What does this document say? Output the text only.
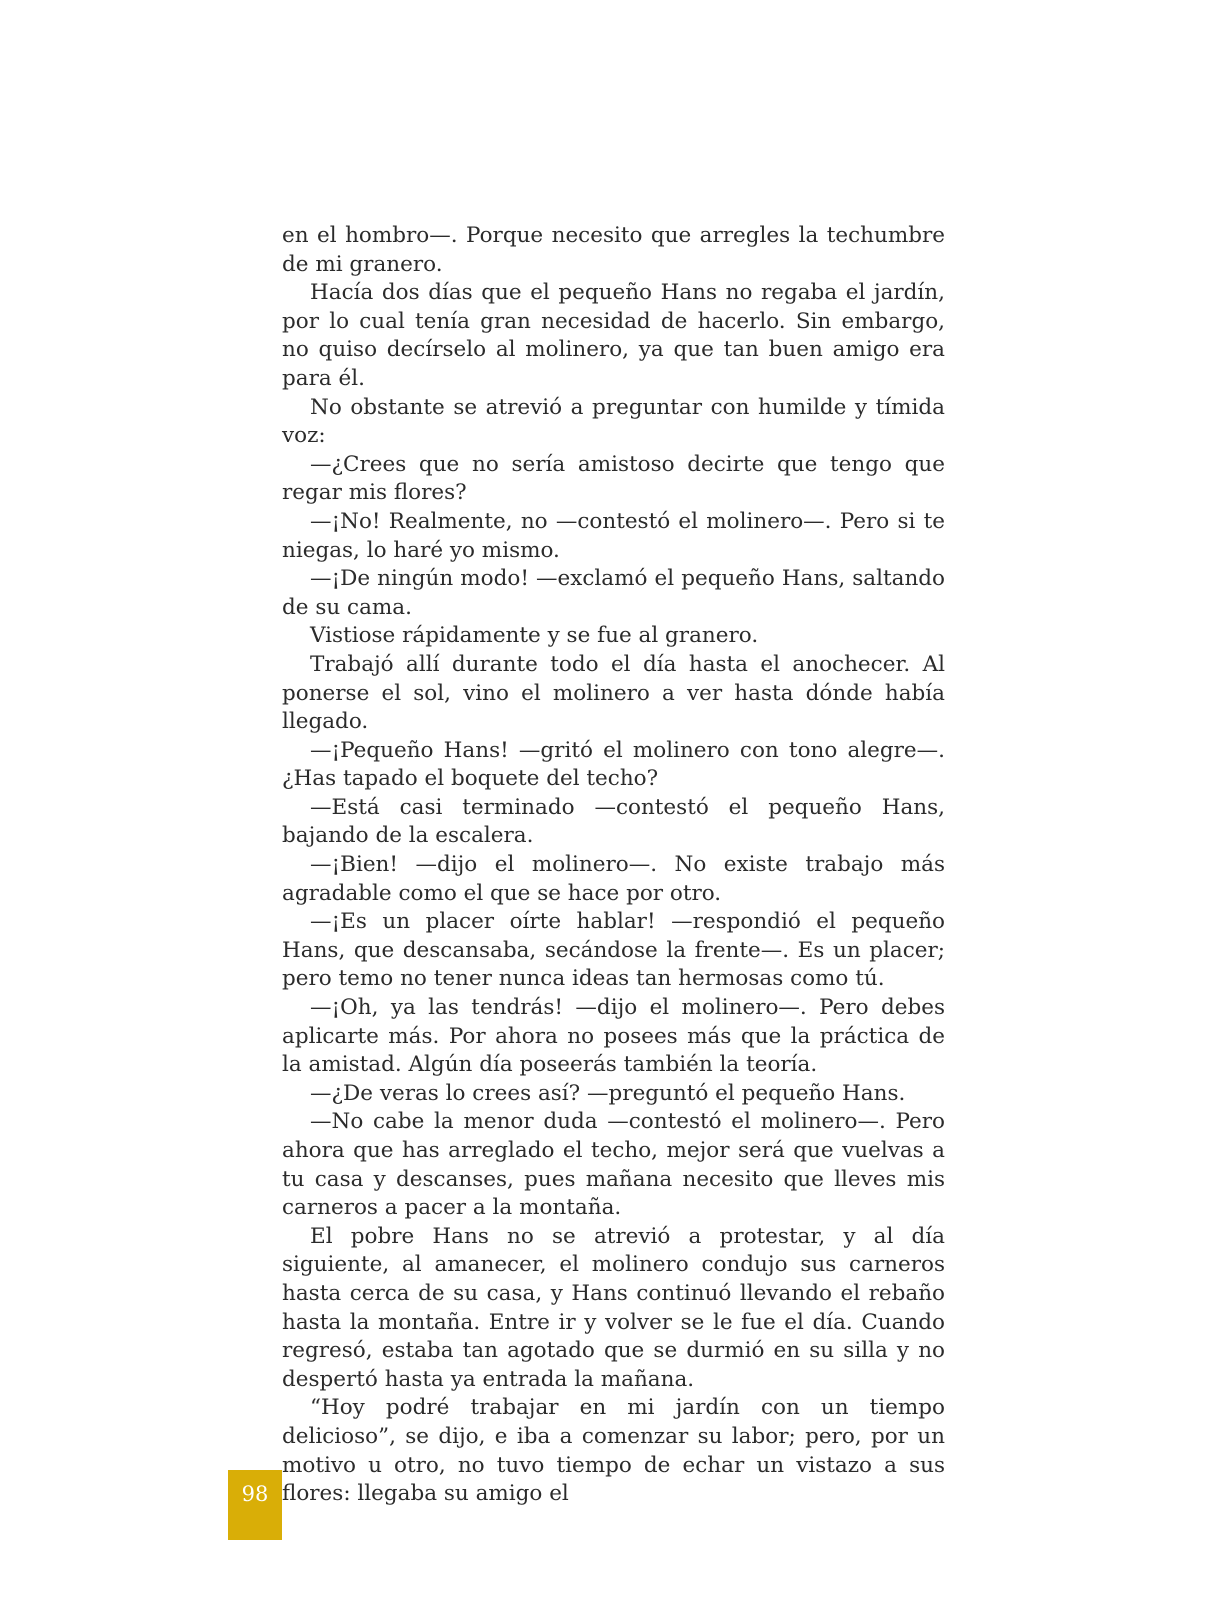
en el hombro—. Porque necesito que arregles la techumbre de mi granero.

Hacía dos días que el pequeño Hans no regaba el jardín, por lo cual tenía gran necesidad de hacerlo. Sin embargo, no quiso decírselo al molinero, ya que tan buen amigo era para él.

No obstante se atrevió a preguntar con humilde y tímida voz:

—¿Crees que no sería amistoso decirte que tengo que regar mis flores?

—¡No! Realmente, no —contestó el molinero—. Pero si te niegas, lo haré yo mismo.

—¡De ningún modo! —exclamó el pequeño Hans, saltando de su cama.

Vistiose rápidamente y se fue al granero.

Trabajó allí durante todo el día hasta el anochecer. Al ponerse el sol, vino el molinero a ver hasta dónde había llegado.

—¡Pequeño Hans! —gritó el molinero con tono alegre—. ¿Has tapado el boquete del techo?

—Está casi terminado —contestó el pequeño Hans, bajando de la escalera.

—¡Bien! —dijo el molinero—. No existe trabajo más agradable como el que se hace por otro.

—¡Es un placer oírte hablar! —respondió el pequeño Hans, que descansaba, secándose la frente—. Es un placer; pero temo no tener nunca ideas tan hermosas como tú.

—¡Oh, ya las tendrás! —dijo el molinero—. Pero debes aplicarte más. Por ahora no posees más que la práctica de la amistad. Algún día poseerás también la teoría.

—¿De veras lo crees así? —preguntó el pequeño Hans.

—No cabe la menor duda —contestó el molinero—. Pero ahora que has arreglado el techo, mejor será que vuelvas a tu casa y descanses, pues mañana necesito que lleves mis carneros a pacer a la montaña.

El pobre Hans no se atrevió a protestar, y al día siguiente, al amanecer, el molinero condujo sus carneros hasta cerca de su casa, y Hans continuó llevando el rebaño hasta la montaña. Entre ir y volver se le fue el día. Cuando regresó, estaba tan agotado que se durmió en su silla y no despertó hasta ya entrada la mañana.

“Hoy podré trabajar en mi jardín con un tiempo delicioso”, se dijo, e iba a comenzar su labor; pero, por un motivo u otro, no tuvo tiempo de echar un vistazo a sus flores: llegaba su amigo el

98
